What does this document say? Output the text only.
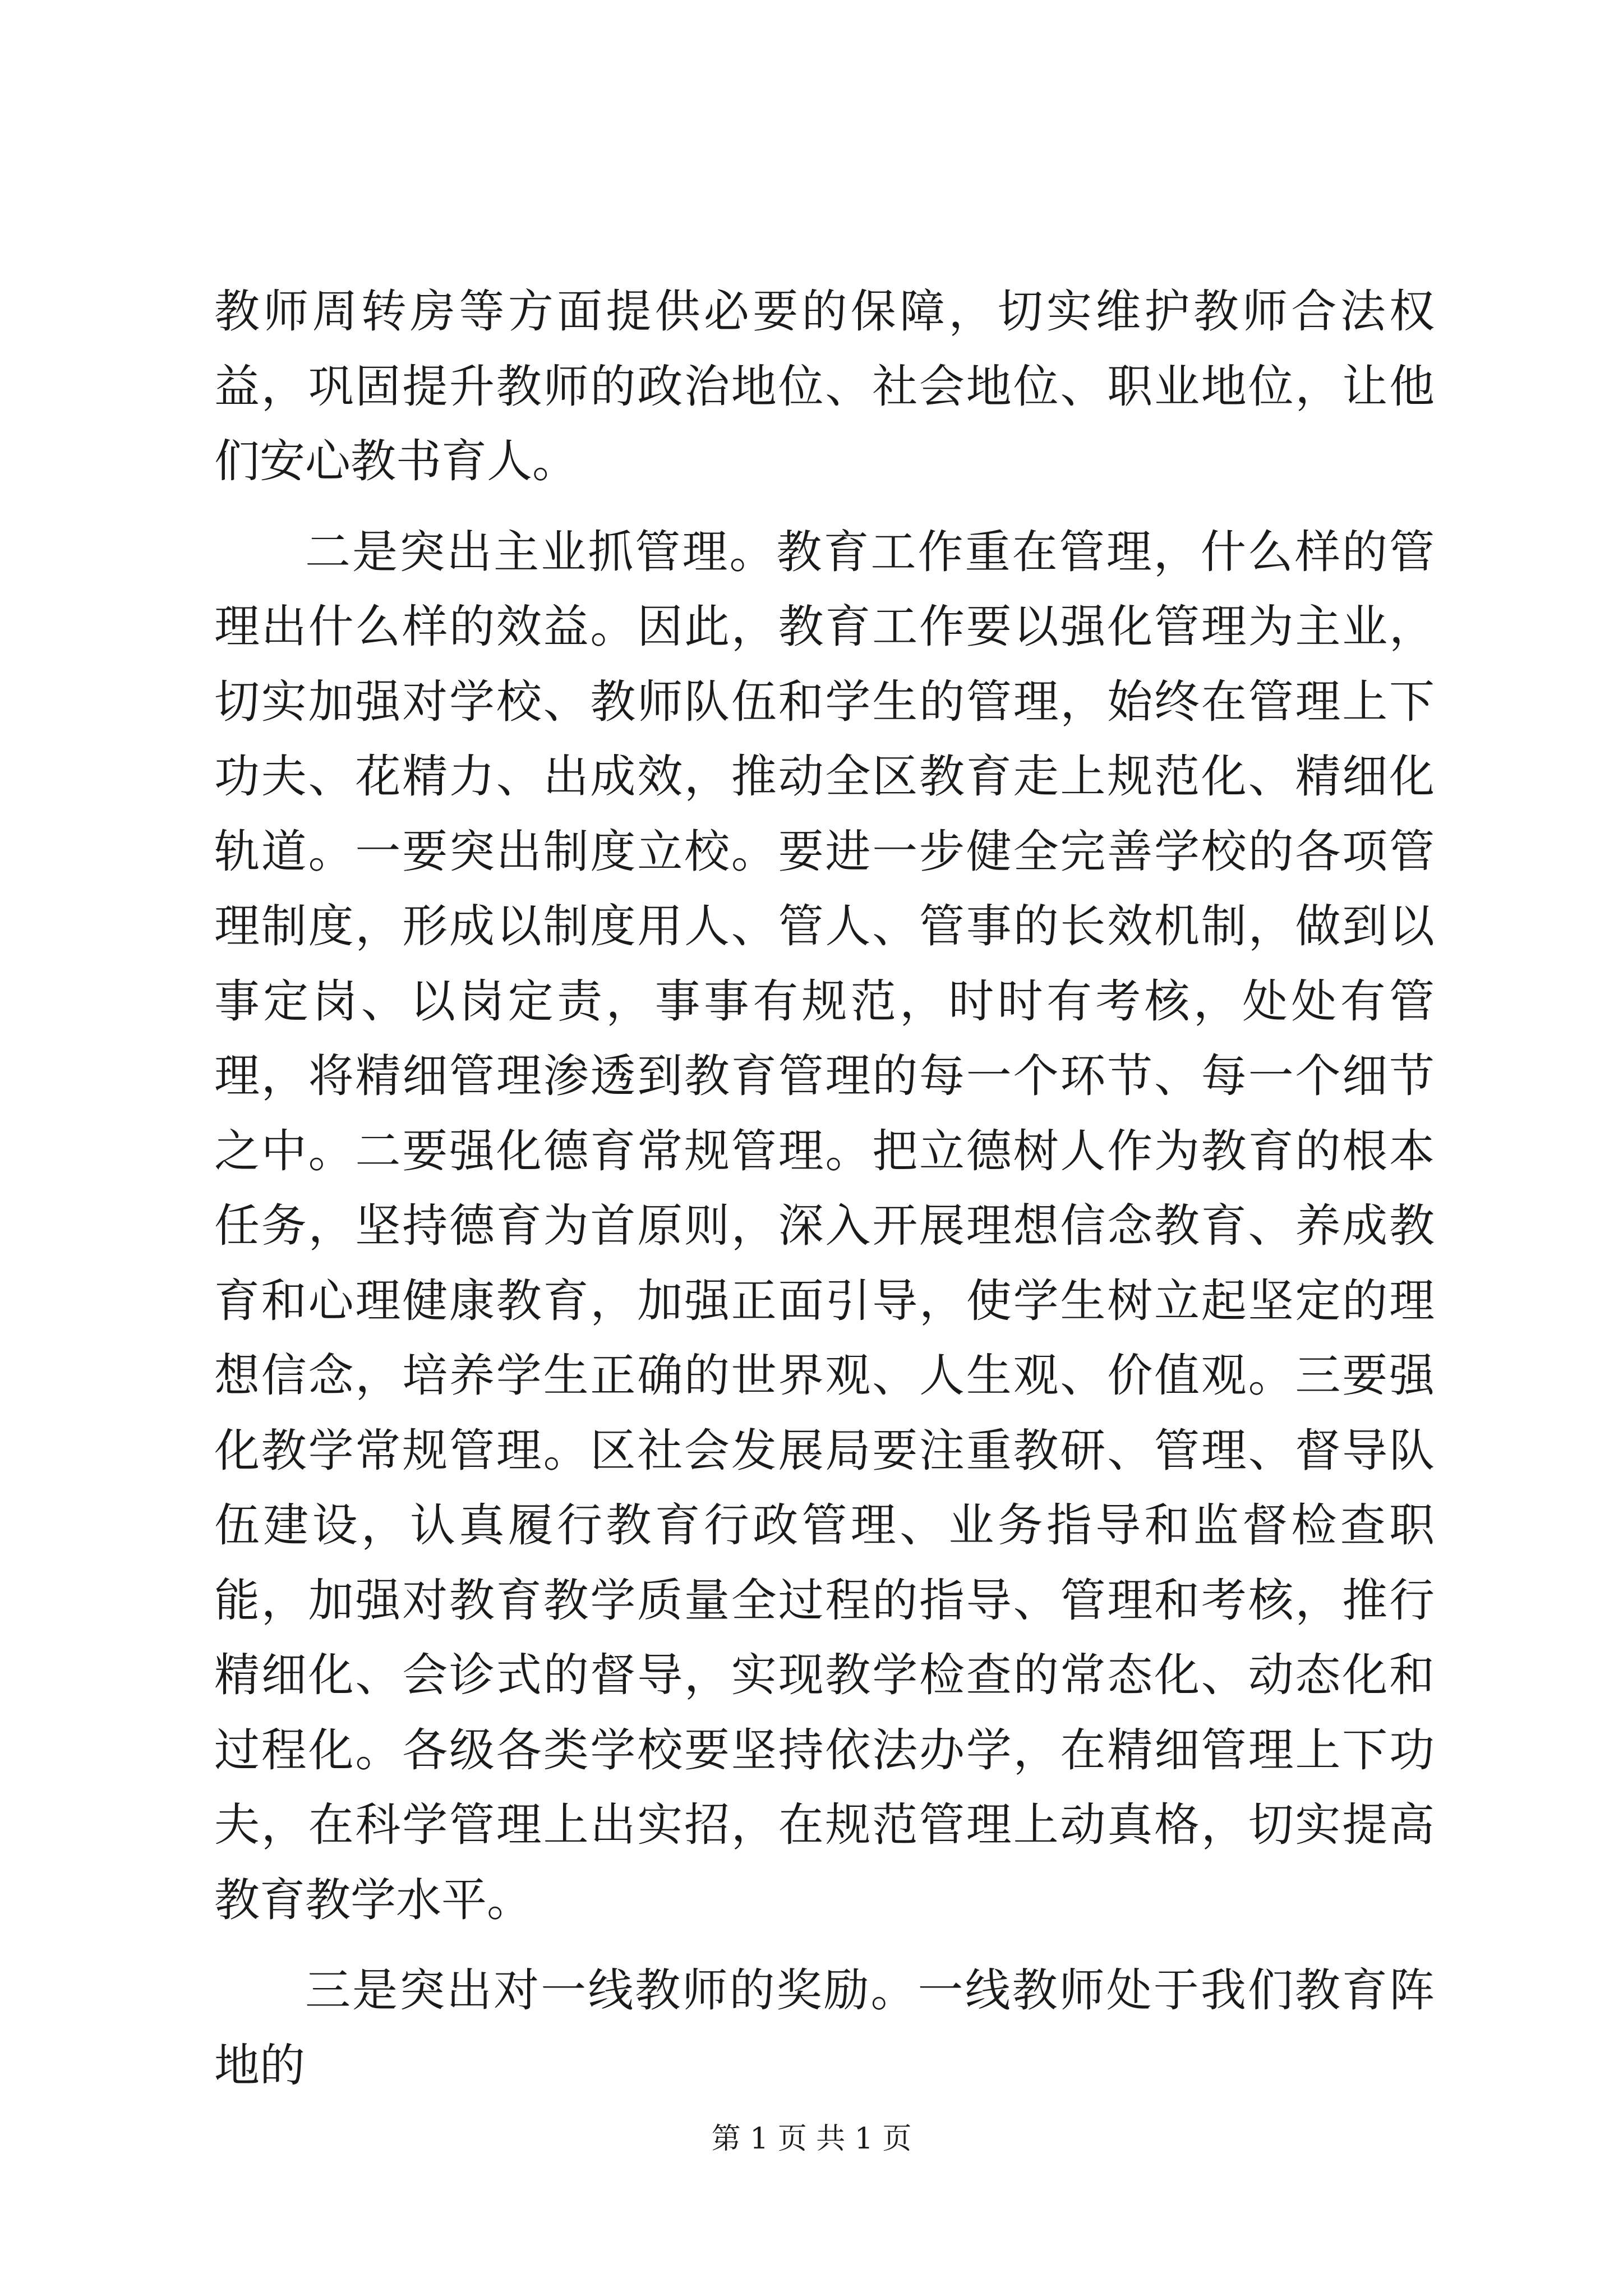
教师周转房等方面提供必要的保障，切实维护教师合法权益，巩固提升教师的政治地位、社会地位、职业地位，让他们安心教书育人。

二是突出主业抓管理。教育工作重在管理，什么样的管理出什么样的效益。因此，教育工作要以强化管理为主业，切实加强对学校、教师队伍和学生的管理，始终在管理上下功夫、花精力、出成效，推动全区教育走上规范化、精细化轨道。一要突出制度立校。要进一步健全完善学校的各项管理制度，形成以制度用人、管人、管事的长效机制，做到以事定岗、以岗定责，事事有规范，时时有考核，处处有管理，将精细管理渗透到教育管理的每一个环节、每一个细节之中。二要强化德育常规管理。把立德树人作为教育的根本任务，坚持德育为首原则，深入开展理想信念教育、养成教育和心理健康教育，加强正面引导，使学生树立起坚定的理想信念，培养学生正确的世界观、人生观、价值观。三要强化教学常规管理。区社会发展局要注重教研、管理、督导队伍建设，认真履行教育行政管理、业务指导和监督检查职能，加强对教育教学质量全过程的指导、管理和考核，推行精细化、会诊式的督导，实现教学检查的常态化、动态化和过程化。各级各类学校要坚持依法办学，在精细管理上下功夫，在科学管理上出实招，在规范管理上动真格，切实提高教育教学水平。

三是突出对一线教师的奖励。一线教师处于我们教育阵地的

第 1 页 共 1 页
